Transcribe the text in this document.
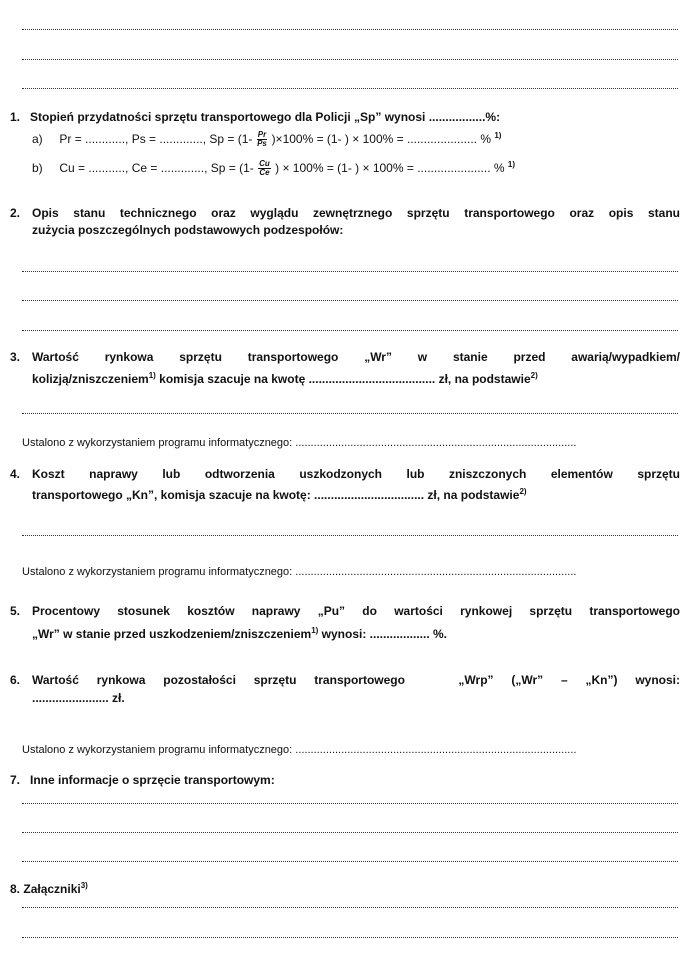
1. Stopień przydatności sprzętu transportowego dla Policji „Sp” wynosi .................%:
a) Pr = ............, Ps = ............., $Sp = (1- \frac{Pr}{Ps} )\times 100\% = (1-$ ) × 100% = ..................... % $^{1)}$
b) Cu = ..........., Ce = ............., $Sp = (1- \frac{Cu}{Ce}$ ) × 100% = (1- ) × 100% = ...................... % $^{1)}$
2. Opis stanu technicznego oraz wyglądu zewnętrznego sprzętu transportowego oraz opis stanu
zużycia poszczególnych podstawowych podzespołów:
3. Wartość rynkowa sprzętu transportowego „Wr” w stanie przed awarią/wypadkiem/
kolizją/zniszczeniem$^{1)}$ komisja szacuje na kwotę ...................................... zł, na podstawie$^{2)}$
Ustalono z wykorzystaniem programu informatycznego: ............................................................................................
4. Koszt naprawy lub odtworzenia uszkodzonych lub zniszczonych elementów sprzętu
transportowego „Kn”, komisja szacuje na kwotę: ................................. zł, na podstawie$^{2)}$
Ustalono z wykorzystaniem programu informatycznego: ............................................................................................
5. Procentowy stosunek kosztów naprawy „Pu” do wartości rynkowej sprzętu transportowego
„Wr” w stanie przed uszkodzeniem/zniszczeniem$^{1)}$ wynosi: .................. %.
6. Wartość rynkowa pozostałości sprzętu transportowego   „Wrp” („Wr” – „Kn”) wynosi:
....................... zł.
Ustalono z wykorzystaniem programu informatycznego: ............................................................................................
7. Inne informacje o sprzęcie transportowym:
8. Załączniki$^{3)}$
